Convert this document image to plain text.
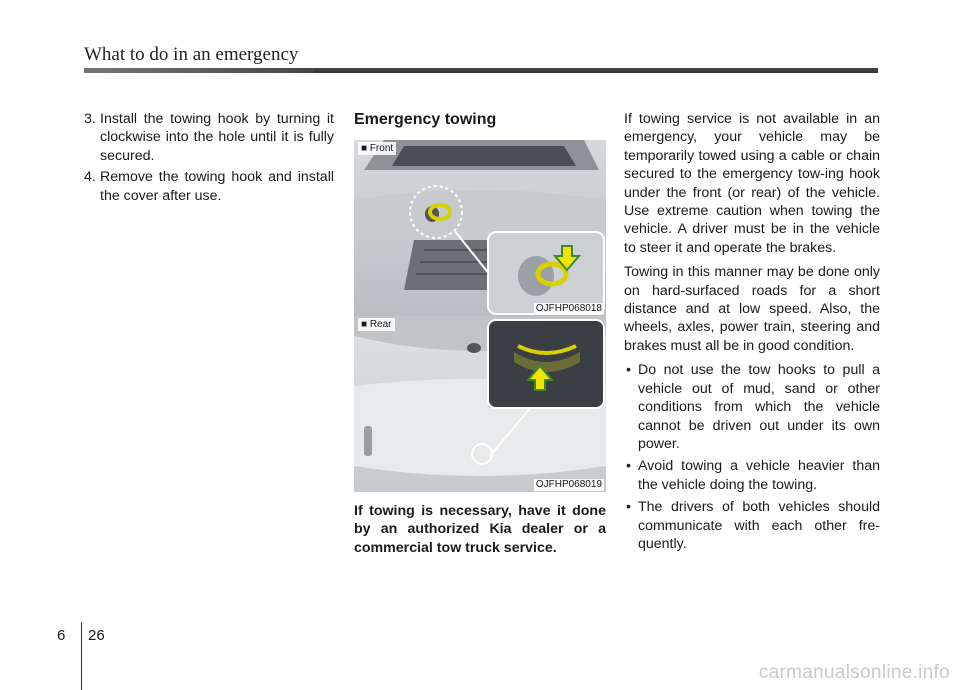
What to do in an emergency
3. Install the towing hook by turning it clockwise into the hole until it is fully secured.
4. Remove the towing hook and install the cover after use.
Emergency towing
■ Front
OJFHP068018
■ Rear
OJFHP068019
If towing is necessary, have it done by an authorized Kia dealer or a commercial tow truck service.

If towing service is not available in an emergency, your vehicle may be temporarily towed using a cable or chain secured to the emergency tow-ing hook under the front (or rear) of the vehicle. Use extreme caution when towing the vehicle. A driver must be in the vehicle to steer it and operate the brakes.

Towing in this manner may be done only on hard-surfaced roads for a short distance and at low speed. Also, the wheels, axles, power train, steering and brakes must all be in good condition.

• Do not use the tow hooks to pull a vehicle out of mud, sand or other conditions from which the vehicle cannot be driven out under its own power.
• Avoid towing a vehicle heavier than the vehicle doing the towing.
• The drivers of both vehicles should communicate with each other fre-quently.
6 26
carmanualsonline.info
